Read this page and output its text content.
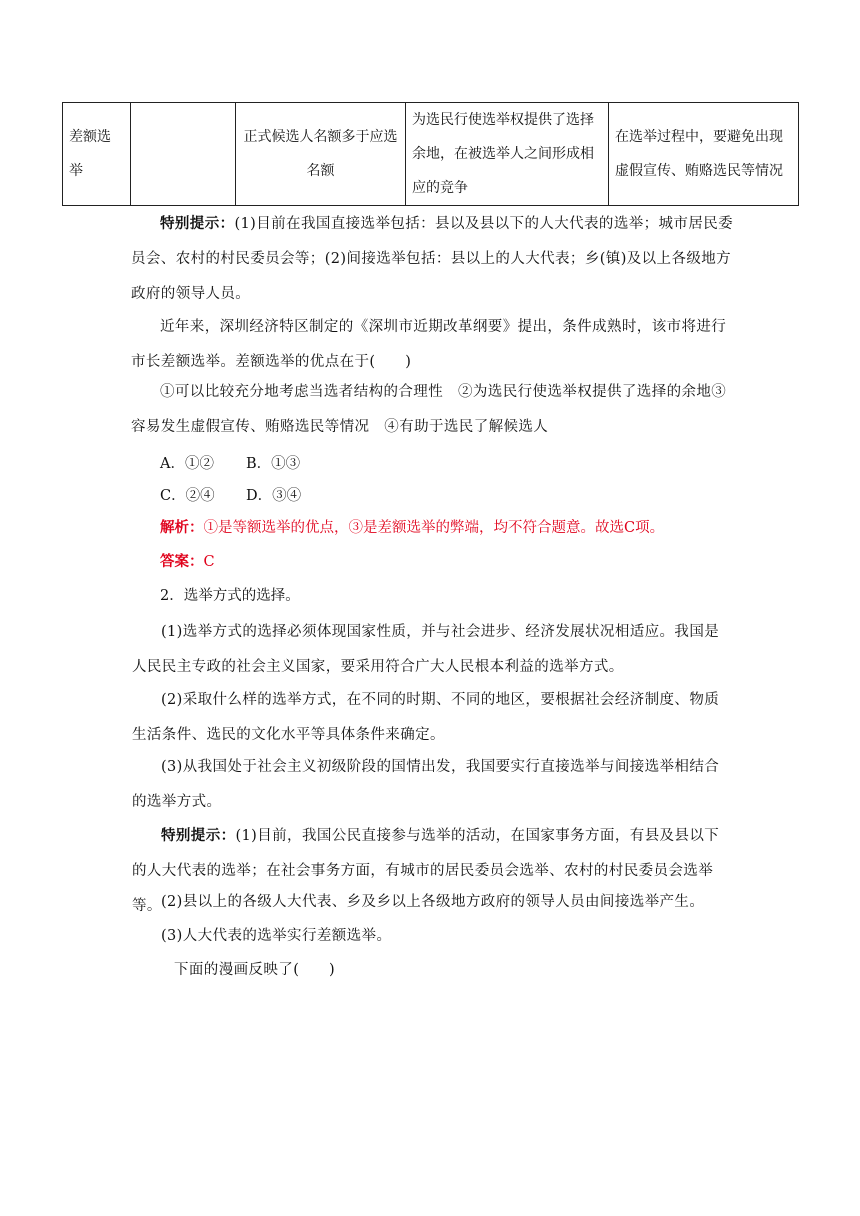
差额选举		正式候选人名额多于应选名额	为选民行使选举权提供了选择余地，在被选举人之间形成相应的竞争	在选举过程中，要避免出现虚假宣传、贿赂选民等情况

特别提示：(1)目前在我国直接选举包括：县以及县以下的人大代表的选举；城市居民委员会、农村的村民委员会等；(2)间接选举包括：县以上的人大代表；乡(镇)及以上各级地方政府的领导人员。

近年来，深圳经济特区制定的《深圳市近期改革纲要》提出，条件成熟时，该市将进行市长差额选举。差额选举的优点在于(　　)

①可以比较充分地考虑当选者结构的合理性　②为选民行使选举权提供了选择的余地③容易发生虚假宣传、贿赂选民等情况　④有助于选民了解候选人

A．①② B．①③
C．②④ D．③④
解析：①是等额选举的优点，③是差额选举的弊端，均不符合题意。故选C项。
答案：C
2．选举方式的选择。

(1)选举方式的选择必须体现国家性质，并与社会进步、经济发展状况相适应。我国是人民民主专政的社会主义国家，要采用符合广大人民根本利益的选举方式。

(2)采取什么样的选举方式，在不同的时期、不同的地区，要根据社会经济制度、物质生活条件、选民的文化水平等具体条件来确定。

(3)从我国处于社会主义初级阶段的国情出发，我国要实行直接选举与间接选举相结合的选举方式。

特别提示：(1)目前，我国公民直接参与选举的活动，在国家事务方面，有县及县以下的人大代表的选举；在社会事务方面，有城市的居民委员会选举、农村的村民委员会选举等。 (2)县以上的各级人大代表、乡及乡以上各级地方政府的领导人员由间接选举产生。

(3)人大代表的选举实行差额选举。

下面的漫画反映了(　　)
